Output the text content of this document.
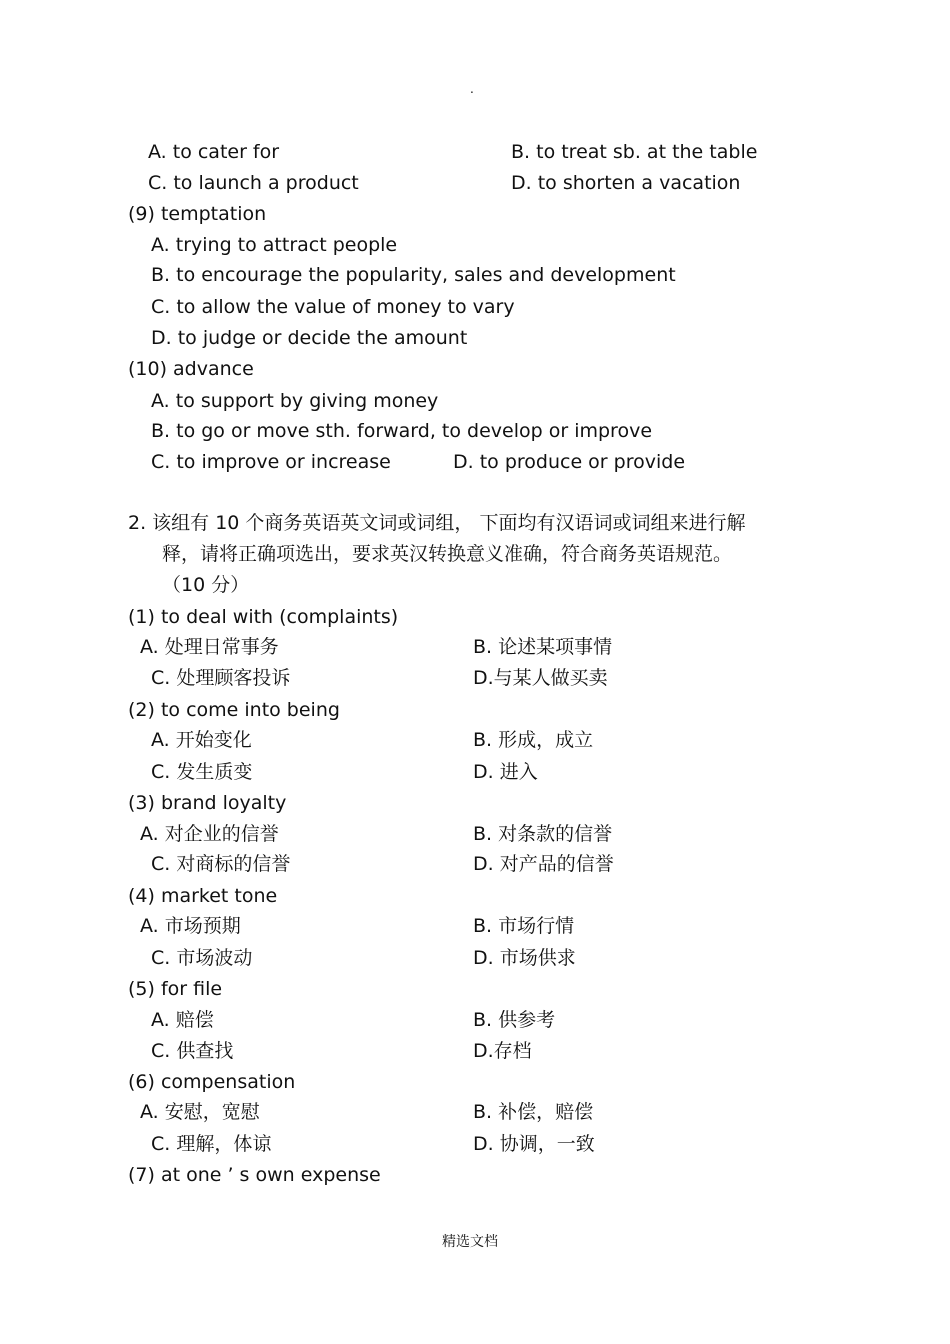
.
A. to cater for	B. to treat sb. at the table
C. to launch a product	D. to shorten a vacation
(9) temptation
A. trying to attract people
B. to encourage the popularity, sales and development
C. to allow the value of money to vary
D. to judge or decide the amount
(10) advance
A. to support by giving money
B. to go or move sth. forward, to develop or improve
C. to improve or increase	D. to produce or provide
2. 该组有 10 个商务英语英文词或词组， 下面均有汉语词或词组来进行解
释，请将正确项选出，要求英汉转换意义准确，符合商务英语规范。
（10 分）
(1) to deal with (complaints)
A. 处理日常事务	B. 论述某项事情
C. 处理顾客投诉	D.与某人做买卖
(2) to come into being
A. 开始变化	B. 形成，成立
C. 发生质变	D. 进入
(3) brand loyalty
A. 对企业的信誉	B. 对条款的信誉
C. 对商标的信誉	D. 对产品的信誉
(4) market tone
A. 市场预期	B. 市场行情
C. 市场波动	D. 市场供求
(5) for file
A. 赔偿	B. 供参考
C. 供查找	D.存档
(6) compensation
A. 安慰，宽慰	B. 补偿，赔偿
C. 理解，体谅	D. 协调，一致
(7) at one ’ s own expense
精选文档
